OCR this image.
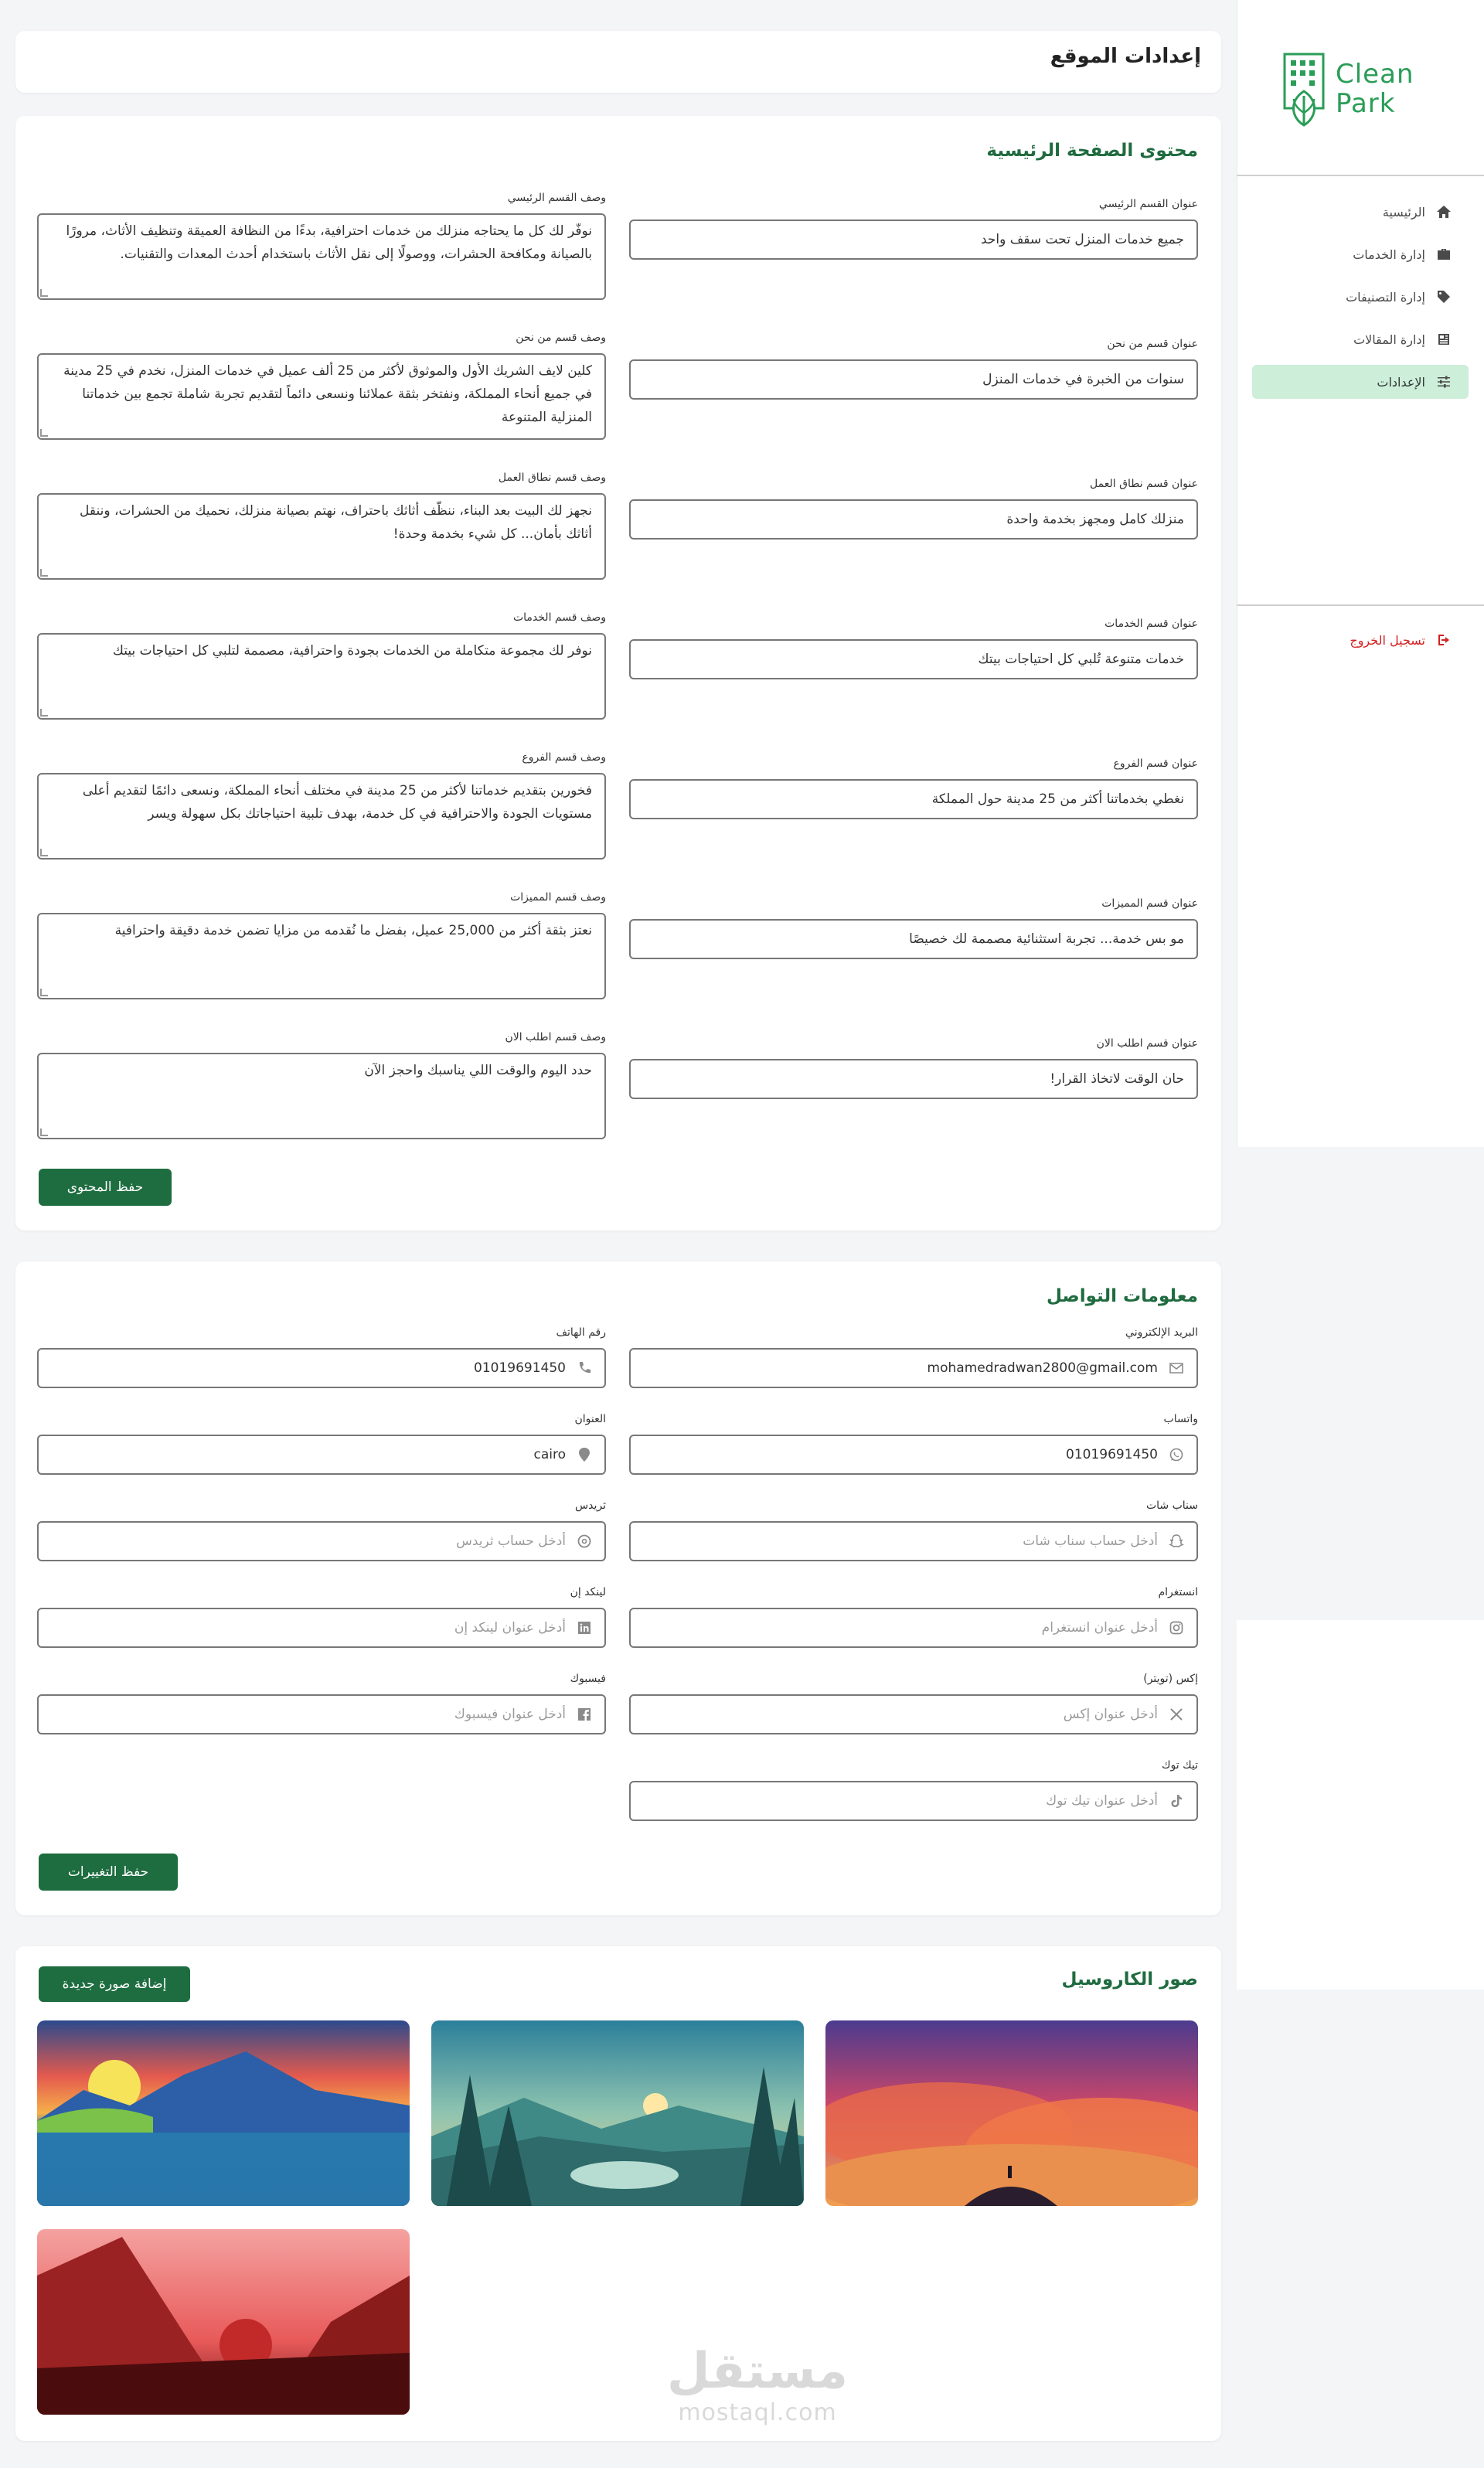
Clean
Park
الرئيسية
إدارة الخدمات
إدارة التصنيفات
إدارة المقالات
الإعدادات
تسجيل الخروج
إعدادات الموقع
محتوى الصفحة الرئيسية
عنوان القسم الرئيسي
جميع خدمات المنزل تحت سقف واحد
وصف القسم الرئيسي
نوفّر لك كل ما يحتاجه منزلك من خدمات احترافية، بدءًا من النظافة العميقة وتنظيف الأثاث، مرورًا بالصيانة ومكافحة الحشرات، ووصولًا إلى نقل الأثاث باستخدام أحدث المعدات والتقنيات.
عنوان قسم من نحن
سنوات من الخبرة في خدمات المنزل
وصف قسم من نحن
كلين لايف الشريك الأول والموثوق لأكثر من 25 ألف عميل في خدمات المنزل، نخدم في 25 مدينة في جميع أنحاء المملكة، ونفتخر بثقة عملائنا ونسعى دائماً لتقديم تجربة شاملة تجمع بين خدماتنا المنزلية المتنوعة
عنوان قسم نطاق العمل
منزلك كامل ومجهز بخدمة واحدة
وصف قسم نطاق العمل
نجهز لك البيت بعد البناء، ننظّف أثاثك باحتراف، نهتم بصيانة منزلك، نحميك من الحشرات، وننقل أثاثك بأمان... كل شيء بخدمة وحدة!
عنوان قسم الخدمات
خدمات متنوعة تُلبي كل احتياجات بيتك
وصف قسم الخدمات
نوفر لك مجموعة متكاملة من الخدمات بجودة واحترافية، مصممة لتلبي كل احتياجات بيتك
عنوان قسم الفروع
نغطي بخدماتنا أكثر من 25 مدينة حول المملكة
وصف قسم الفروع
فخورين بتقديم خدماتنا لأكثر من 25 مدينة في مختلف أنحاء المملكة، ونسعى دائمًا لتقديم أعلى مستويات الجودة والاحترافية في كل خدمة، بهدف تلبية احتياجاتك بكل سهولة ويسر
عنوان قسم المميزات
مو بس خدمة... تجربة استثنائية مصممة لك خصيصًا
وصف قسم المميزات
نعتز بثقة أكثر من 25,000 عميل، بفضل ما نُقدمه من مزايا تضمن خدمة دقيقة واحترافية
عنوان قسم اطلب الان
حان الوقت لاتخاذ القرار!
وصف قسم اطلب الان
حدد اليوم والوقت اللي يناسبك واحجز الآن
حفظ المحتوى
معلومات التواصل
البريد الإلكتروني
mohamedradwan2800@gmail.com
رقم الهاتف
01019691450
واتساب
01019691450
العنوان
cairo
سناب شات
أدخل حساب سناب شات
ثريدس
أدخل حساب ثريدس
انستغرام
أدخل عنوان انستغرام
لينكد إن
أدخل عنوان لينكد إن
إكس (تويتر)
أدخل عنوان إكس
فيسبوك
أدخل عنوان فيسبوك
تيك توك
أدخل عنوان تيك توك
حفظ التغييرات
صور الكاروسيل
إضافة صورة جديدة
مستقل
mostaql.com
